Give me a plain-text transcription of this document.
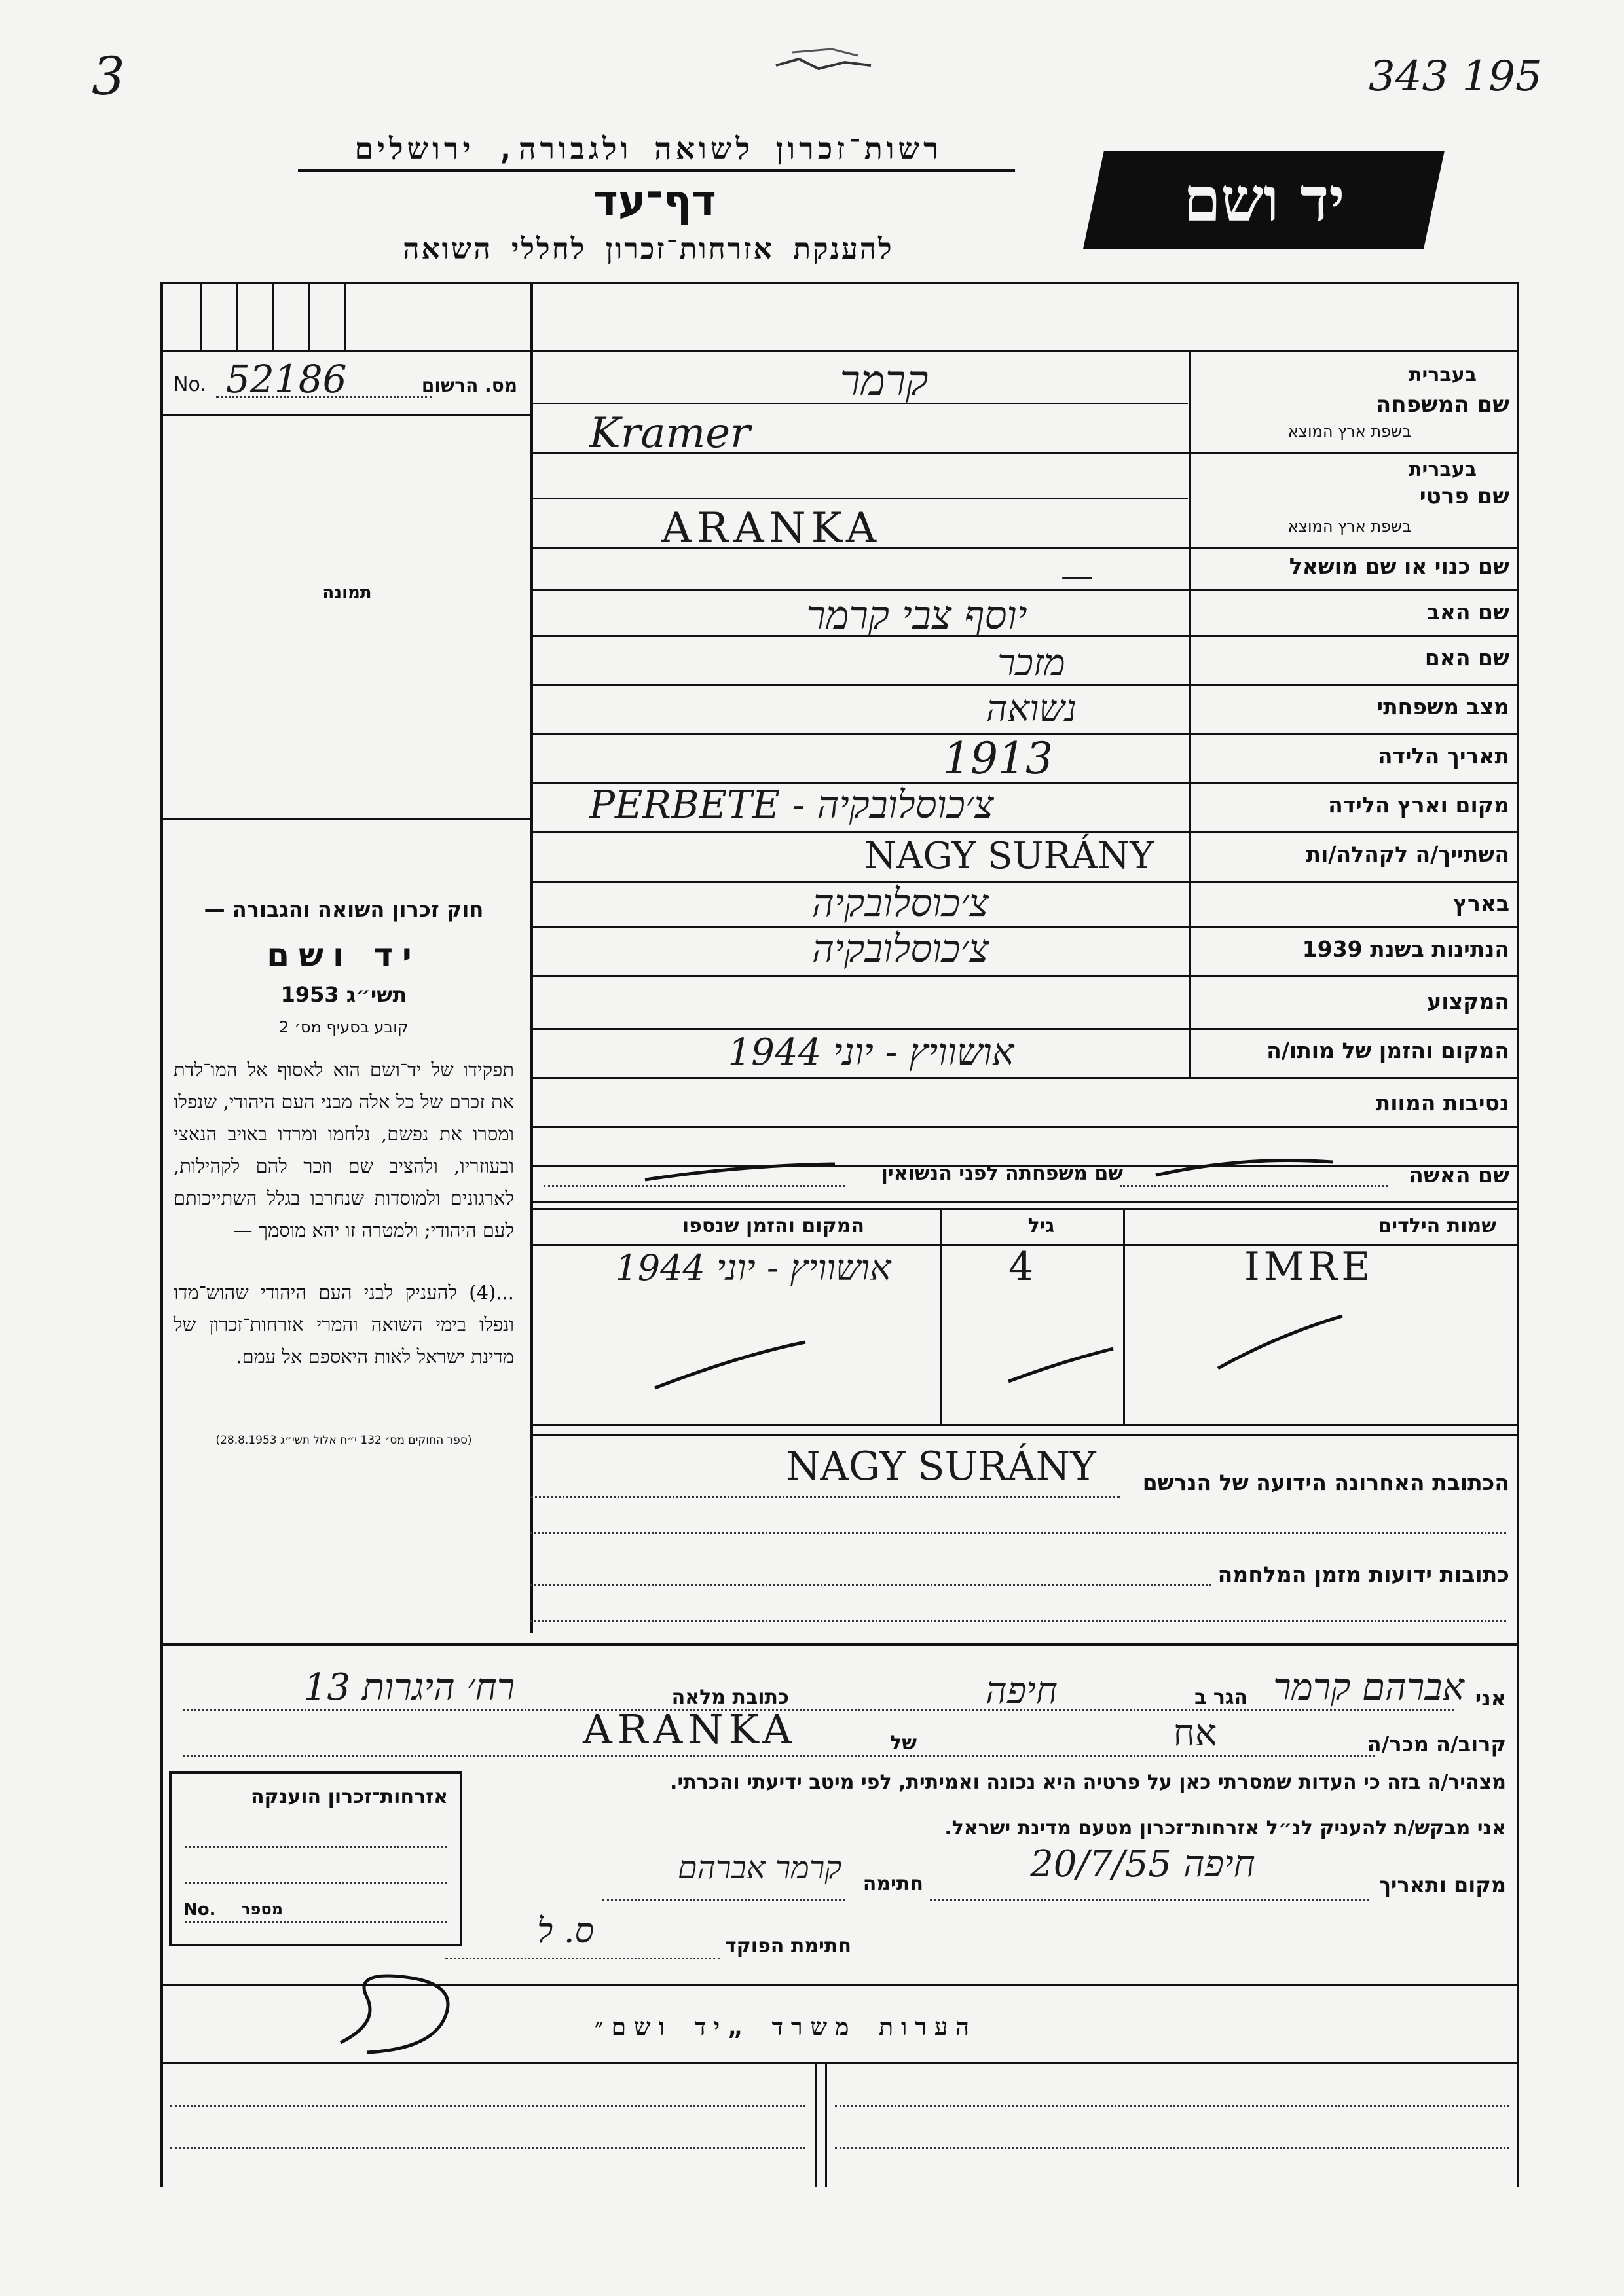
3	343 195
רשות־זכרון לשואה ולגבורה, ירושלים
דף־עד
להענקת אזרחות־זכרון לחללי השואה
יד ושם
No. 52186	מס. הרשום
תמונה
חוק זכרון השואה והגבורה —
יד ושם
תשי״ג 1953
קובע בסעיף מס׳ 2
תפקידו של יד־ושם הוא לאסוף אל המו־לדת את זכרם של כל אלה מבני העם היהודי, שנפלו ומסרו את נפשם, נלחמו ומרדו באויב הנאצי ובעוזריו, ולהציב שם וזכר להם לקהילות, לארגונים ולמוסדות שנחרבו בגלל השתייכותם לעם היהודי; ולמטרה זו יהא מוסמך —
...(4) להעניק לבני העם היהודי שהוש־מדו ונפלו בימי השואה והמרי אזרחות־זכרון של מדינת ישראל לאות היאספם אל עמם.
(ספר החוקים מס׳ 132 י״ח אלול תשי״ג 28.8.1953)
בעברית
שם המשפחה
בשפת ארץ המוצא
קרמר
Kramer
בעברית
שם פרטי
בשפת ארץ המוצא
ARANKA
שם כנוי או שם מושאל
—
שם האב
יוסף צבי קרמר
שם האם
מזכר
מצב משפחתי
נשואה
תאריך הלידה
1913
מקום וארץ הלידה
PERBETE - צ׳כוסלובקיה
השתייך/ה לקהלה/ות
NAGY SURÁNY
בארץ
צ׳כוסלובקיה
הנתינות בשנת 1939
צ׳כוסלובקיה
המקצוע
המקום והזמן של מותו/ה
אושוויץ - יוני 1944
נסיבות המוות
שם האשה
שם משפחתה לפני הנשואין
שמות הילדים
גיל
המקום והזמן שנספו
IMRE
4
אושוויץ - יוני 1944
NAGY SURÁNY הכתובת האחרונה הידועה של הנרשם
כתובות ידועות מזמן המלחמה
אני
אברהם קרמר
הגר ב
חיפה
כתובת מלאה
רח׳ היגרות 13
קרוב/ה מכר/ה
אח
של
ARANKA
מצהיר/ה בזה כי העדות שמסרתי כאן על פרטיה היא נכונה ואמיתית, לפי מיטב ידיעתי והכרתי.
אני מבקש/ת להעניק לנ״ל אזרחות־זכרון מטעם מדינת ישראל.
מקום ותאריך
חיפה 20/7/55
חתימה
קרמר אברהם
חתימת הפוקד
ס. ל
אזרחות־זכרון הוענקה
No. מספר
הערות משרד „יד ושם״
